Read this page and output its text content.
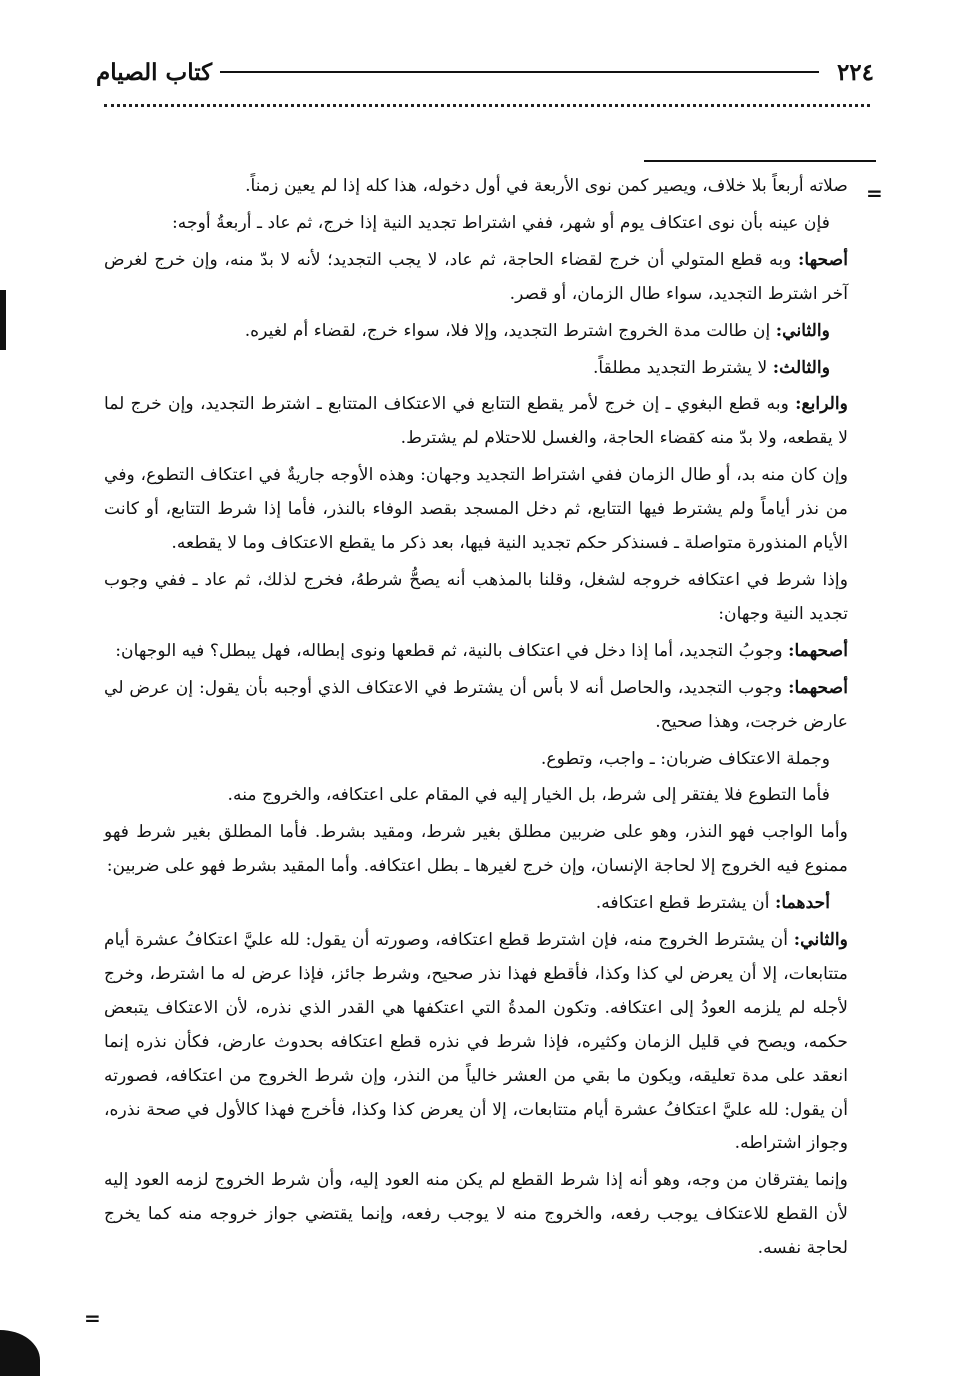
٢٢٤
كتاب الصيام
=

صلاته أربعاً بلا خلاف، ويصير كمن نوى الأربعة في أول دخوله، هذا كله إذا لم يعين زمناً.

فإن عينه بأن نوى اعتكاف يوم أو شهر، ففي اشتراط تجديد النية إذا خرج، ثم عاد ـ أربعةُ أوجه:

أصحها: وبه قطع المتولي أن خرج لقضاء الحاجة، ثم عاد، لا يجب التجديد؛ لأنه لا بدّ منه، وإن خرج لغرض آخر اشترط التجديد، سواء طال الزمان، أو قصر.

والثاني: إن طالت مدة الخروج اشترط التجديد، وإلا فلا، سواء خرج، لقضاء أم لغيره.

والثالث: لا يشترط التجديد مطلقاً.

والرابع: وبه قطع البغوي ـ إن خرج لأمر يقطع التتابع في الاعتكاف المتتابع ـ اشترط التجديد، وإن خرج لما لا يقطعه، ولا بدّ منه كقضاء الحاجة، والغسل للاحتلام لم يشترط.

وإن كان منه بد، أو طال الزمان ففي اشتراط التجديد وجهان: وهذه الأوجه جاريةٌ في اعتكاف التطوع، وفي من نذر أياماً ولم يشترط فيها التتابع، ثم دخل المسجد بقصد الوفاء بالنذر، فأما إذا شرط التتابع، أو كانت الأيام المنذورة متواصلة ـ فسنذكر حكم تجديد النية فيها، بعد ذكر ما يقطع الاعتكاف وما لا يقطعه.

وإذا شرط في اعتكافه خروجه لشغل، وقلنا بالمذهب أنه يصحُّ شرطهُ، فخرج لذلك، ثم عاد ـ ففي وجوب تجديد النية وجهان:

أصحهما: وجوبُ التجديد، أما إذا دخل في اعتكاف بالنية، ثم قطعها ونوى إبطاله، فهل يبطل؟ فيه الوجهان:

أصحهما: وجوب التجديد، والحاصل أنه لا بأس أن يشترط في الاعتكاف الذي أوجبه بأن يقول: إن عرض لي عارض خرجت، وهذا صحيح.

وجملة الاعتكاف ضربان: ـ واجب، وتطوع.

فأما التطوع فلا يفتقر إلى شرط، بل الخيار إليه في المقام على اعتكافه، والخروج منه.

وأما الواجب فهو النذر، وهو على ضربين مطلق بغير شرط، ومقيد بشرط. فأما المطلق بغير شرط فهو ممنوع فيه الخروج إلا لحاجة الإنسان، وإن خرج لغيرها ـ بطل اعتكافه. وأما المقيد بشرط فهو على ضربين:

أحدهما: أن يشترط قطع اعتكافه.

والثاني: أن يشترط الخروج منه، فإن اشترط قطع اعتكافه، وصورته أن يقول: لله عليَّ اعتكافُ عشرة أيام متتابعات، إلا أن يعرض لي كذا وكذا، فأقطع فهذا نذر صحيح، وشرط جائز، فإذا عرض له ما اشترط، وخرج لأجله لم يلزمه العودُ إلى اعتكافه. وتكون المدةُ التي اعتكفها هي القدر الذي نذره، لأن الاعتكاف يتبعض حكمه، ويصح في قليل الزمان وكثيره، فإذا شرط في نذره قطع اعتكافه بحدوث عارض، فكأن نذره إنما انعقد على مدة تعليقه، ويكون ما بقي من العشر خالياً من النذر، وإن شرط الخروج من اعتكافه، فصورته أن يقول: لله عليَّ اعتكافُ عشرة أيام متتابعات، إلا أن يعرض كذا وكذا، فأخرج فهذا كالأول في صحة نذره، وجواز اشتراطه.

وإنما يفترقان من وجه، وهو أنه إذا شرط القطع لم يكن منه العود إليه، وأن شرط الخروج لزمه العود إليه لأن القطع للاعتكاف يوجب رفعه، والخروج منه لا يوجب رفعه، وإنما يقتضي جواز خروجه منه كما يخرج لحاجة نفسه.

=
